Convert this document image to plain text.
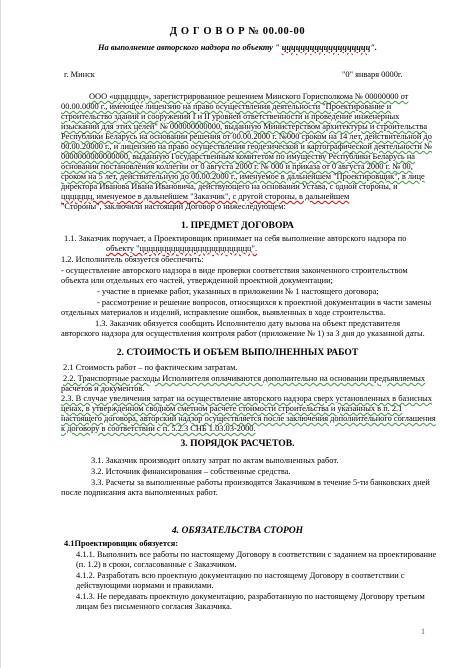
Д О Г О В О Р № 00.00-00
На выполнение авторского надзора по объекту " ццццццццццццццццццц".
г. Минск	"0" января 0000г.
ООО «ццццццц», зарегистрированное решением Минского Горисполкома № 00000000 от
00.00.0000 г., имеющее лицензию на право осуществления деятельности "Проектирование и
строительство зданий и сооружений I и II уровней ответственности и проведение инженерных
изысканий для этих целей" № 000000000000, выданную Министерством архитектуры и строительства
Республики Беларусь на основании решения от 00.00.2000 г. №000 сроком на 14 лет, действительной до
00.00.20000 г., и лицензию на право осуществления геодезической и картографической деятельности №
0000000000000000, выданную Государственным комитетом по имуществу Республики Беларусь на
основании постановления коллегии от 0 августа 2000 г. № 000 и приказа от 0 августа 2000 г. № 00,
сроком на 5 лет, действительную до 00.00.2000 г., именуемое в дальнейшем "Проектировщик", в лице
директора Иванова Ивана Ивановича, действующего на основании Устава, с одной стороны, и
ццццццц, именуемое в дальнейшем "Заказчик", с другой стороны, в дальнейшем
"Стороны", заключили настоящий Договор о нижеследующем:
1. ПРЕДМЕТ ДОГОВОРА
1.1. Заказчик поручает, а Проектировщик принимает на себя выполнение авторского надзора по
объекту "ццццццццццццццццццццццццц".
1.2. Исполнитель обязуется обеспечить:
- осуществление авторского надзора в виде проверки соответствия законченного строительством
объекта или отдельных его частей, утвержденной проектной документации;
- участие в приемке работ, указанных в приложении № 1 настоящего договора;
- рассмотрение и решение вопросов, относящихся к проектной документации в части замены
отдельных материалов и изделий, исправление ошибок, выявленных в ходе строительства.
1.3. Заказчик обязуется сообщить Исполнителю дату вызова на объект представителя
авторского надзора для осуществления контроля работ (приложение № 1) за 3 дня до указанной даты.
2. СТОИМОСТЬ И ОБЪЕМ ВЫПОЛНЕННЫХ РАБОТ
2.1 Стоимость работ – по фактическим затратам.
2.2. Транспортные расходы Исполнителя оплачиваются дополнительно на основании предъявляемых
расчетов и документов.
2.3. В случае увеличения затрат на осуществление авторского надзора сверх установленных в базисных
ценах, в утвержденном сводном сметном расчете стоимости строительства и указанных в п. 2.1
настоящего договора, авторский надзор осуществляется после заключения дополнительного соглашения
к договору в соответствии с п. 5.2.3 СНБ 1.03.03-2000.
3. ПОРЯДОК РАСЧЕТОВ.
3.1. Заказчик производит оплату затрат по актам выполненных работ.
3.2. Источник финансирования – собственные средства.
3.3. Расчеты за выполненные работы производятся Заказчиком в течение 5-ти банковских дней
после подписания акта выполненных работ.
4. ОБЯЗАТЕЛЬСТВА СТОРОН
4.1Проектировщик обязуется:
4.1.1. Выполнить все работы по настоящему Договору в соответствии с заданием на проектирование
(п. 1.2) в сроки, согласованные с Заказчиком.
4.1.2. Разработать всю проектную документацию по настоящему Договору в соответствии с
действующими нормами и правилами.
4.1.3. Не передавать проектную документацию, разработанную по настоящему Договору третьим
лицам без письменного согласия Заказчика.
1
